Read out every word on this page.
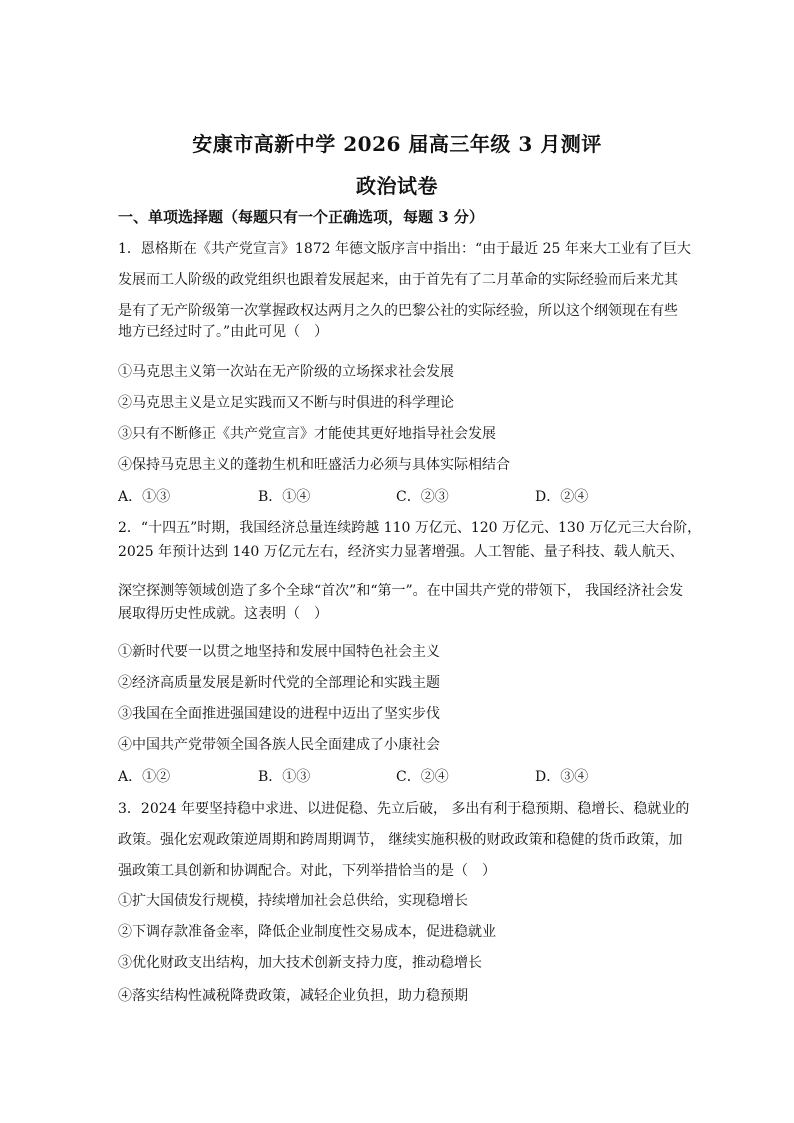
安康市高新中学 2026 届高三年级 3 月测评
政治试卷
一、单项选择题（每题只有一个正确选项，每题 3 分）
1．恩格斯在《共产党宣言》1872 年德文版序言中指出：“由于最近 25 年来大工业有了巨大
发展而工人阶级的政党组织也跟着发展起来，由于首先有了二月革命的实际经验而后来尤其
是有了无产阶级第一次掌握政权达两月之久的巴黎公社的实际经验，所以这个纲领现在有些
地方已经过时了。”由此可见（　）
①马克思主义第一次站在无产阶级的立场探求社会发展
②马克思主义是立足实践而又不断与时俱进的科学理论
③只有不断修正《共产党宣言》才能使其更好地指导社会发展
④保持马克思主义的蓬勃生机和旺盛活力必须与具体实际相结合
A．①③	B．①④	C．②③	D．②④
2．“十四五”时期，我国经济总量连续跨越 110 万亿元、120 万亿元、130 万亿元三大台阶，
2025 年预计达到 140 万亿元左右，经济实力显著增强。人工智能、量子科技、载人航天、
深空探测等领域创造了多个全球“首次”和“第一”。在中国共产党的带领下， 我国经济社会发
展取得历史性成就。这表明（　）
①新时代要一以贯之地坚持和发展中国特色社会主义
②经济高质量发展是新时代党的全部理论和实践主题
③我国在全面推进强国建设的进程中迈出了坚实步伐
④中国共产党带领全国各族人民全面建成了小康社会
A．①②	B．①③	C．②④	D．③④
3．2024 年要坚持稳中求进、以进促稳、先立后破， 多出有利于稳预期、稳增长、稳就业的
政策。强化宏观政策逆周期和跨周期调节， 继续实施积极的财政政策和稳健的货币政策，加
强政策工具创新和协调配合。对此，下列举措恰当的是（　）
①扩大国债发行规模，持续增加社会总供给，实现稳增长
②下调存款准备金率，降低企业制度性交易成本，促进稳就业
③优化财政支出结构，加大技术创新支持力度，推动稳增长
④落实结构性减税降费政策，减轻企业负担，助力稳预期
